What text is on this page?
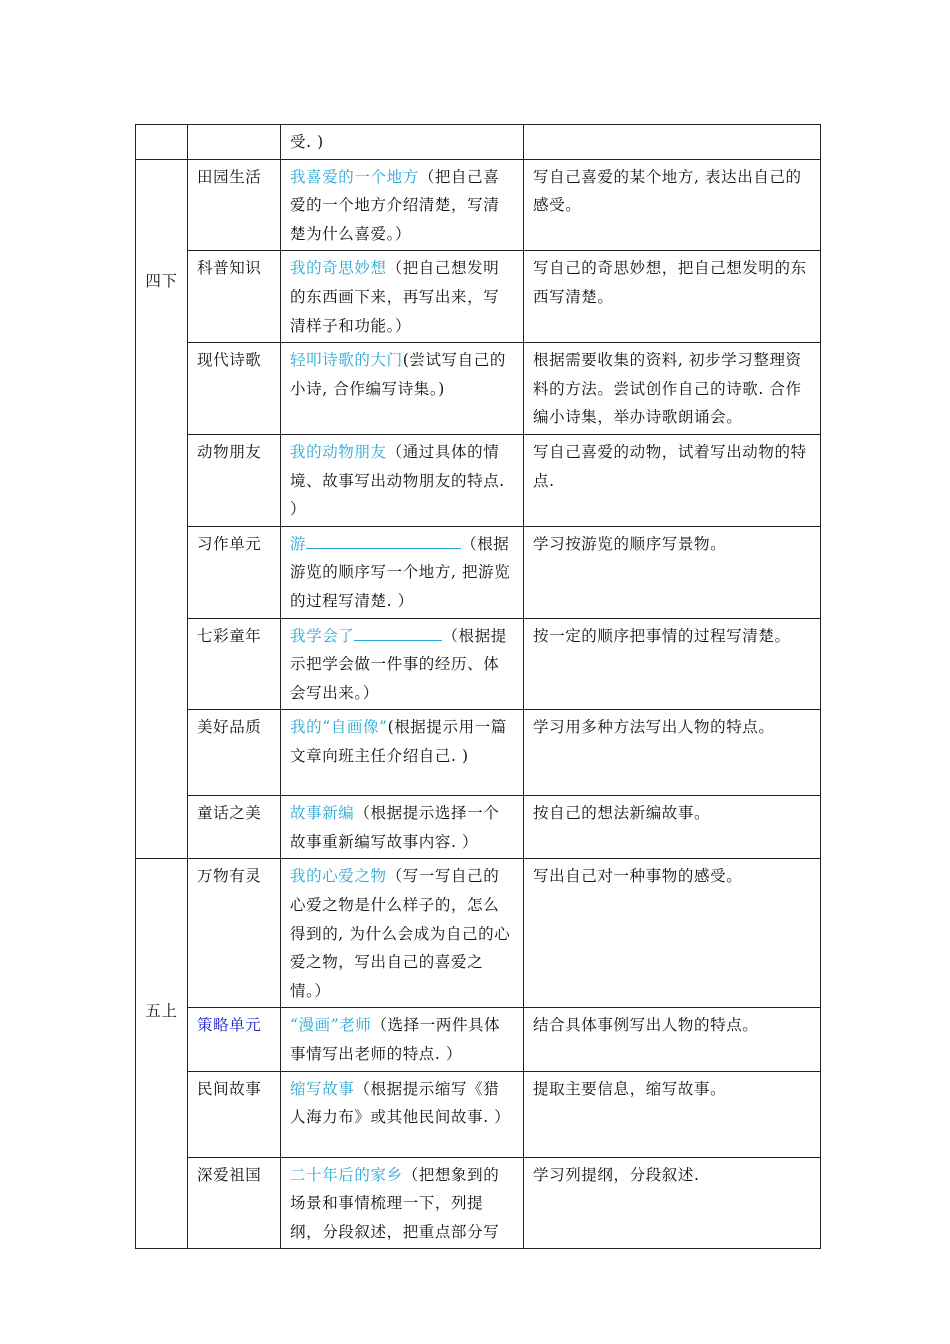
		受. )	
四下	田园生活	我喜爱的一个地方（把自己喜爱的一个地方介绍清楚，写清楚为什么喜爱。）	写自己喜爱的某个地方, 表达出自己的感受。
	科普知识	我的奇思妙想（把自己想发明的东西画下来，再写出来，写清样子和功能。）	写自己的奇思妙想，把自己想发明的东西写清楚。
	现代诗歌	轻叩诗歌的大门(尝试写自己的小诗, 合作编写诗集。)	根据需要收集的资料, 初步学习整理资料的方法。尝试创作自己的诗歌. 合作编小诗集，举办诗歌朗诵会。
	动物朋友	我的动物朋友（通过具体的情境、故事写出动物朋友的特点. ）	写自己喜爱的动物，试着写出动物的特点.
	习作单元	游 （根据游览的顺序写一个地方, 把游览的过程写清楚. ）	学习按游览的顺序写景物。
	七彩童年	我学会了 （根据提示把学会做一件事的经历、体会写出来。）	按一定的顺序把事情的过程写清楚。
	美好品质	我的“自画像”(根据提示用一篇文章向班主任介绍自己. )	学习用多种方法写出人物的特点。
	童话之美	故事新编（根据提示选择一个故事重新编写故事内容. ）	按自己的想法新编故事。
五上	万物有灵	我的心爱之物（写一写自己的心爱之物是什么样子的，怎么得到的, 为什么会成为自己的心爱之物，写出自己的喜爱之情。）	写出自己对一种事物的感受。
	策略单元	“漫画”老师（选择一两件具体事情写出老师的特点. ）	结合具体事例写出人物的特点。
	民间故事	缩写故事（根据提示缩写《猎人海力布》或其他民间故事. ）	提取主要信息，缩写故事。
	深爱祖国	二十年后的家乡（把想象到的场景和事情梳理一下，列提纲，分段叙述，把重点部分写	学习列提纲，分段叙述.
